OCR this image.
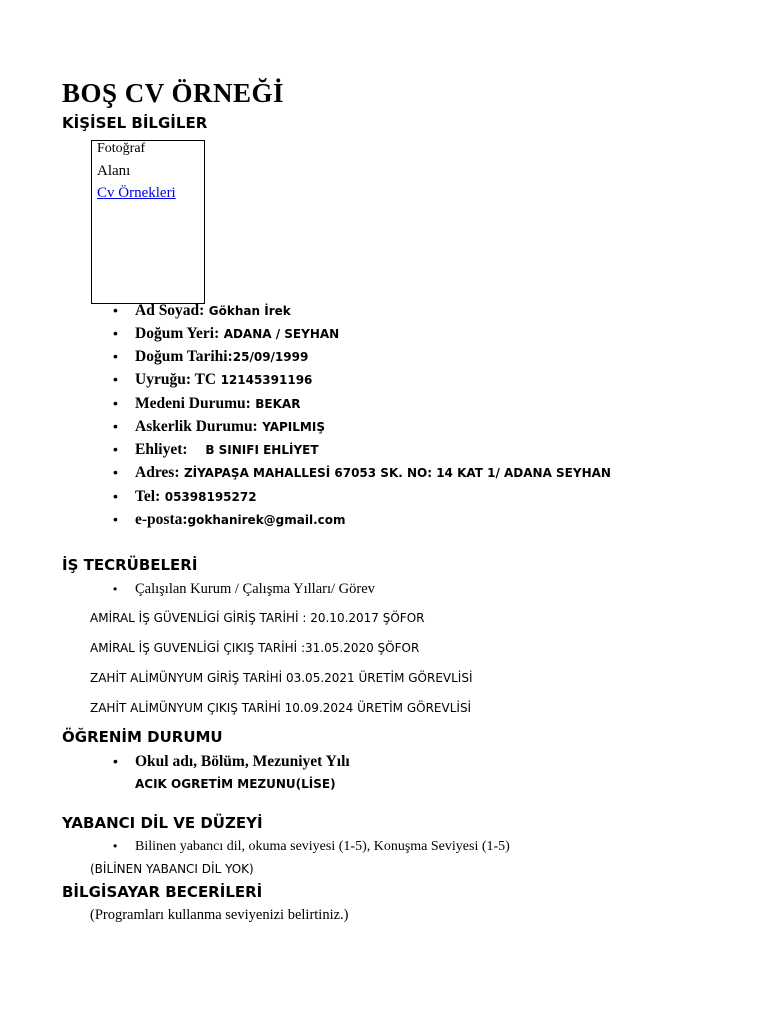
BOŞ CV ÖRNEĞİ
KİŞİSEL BİLGİLER
Fotoğraf
Alanı
Cv Örnekleri
• Ad Soyad: Gökhan İrek
• Doğum Yeri: ADANA / SEYHAN
• Doğum Tarihi:25/09/1999
• Uyruğu: TC 12145391196
• Medeni Durumu: BEKAR
• Askerlik Durumu: YAPILMIŞ
• Ehliyet: B SINIFI EHLİYET
• Adres: ZİYAPAŞA MAHALLESİ 67053 SK. NO: 14 KAT 1/ ADANA SEYHAN
• Tel: 05398195272
• e-posta:gokhanirek@gmail.com
İŞ TECRÜBELERİ
• Çalışılan Kurum / Çalışma Yılları/ Görev
AMİRAL İŞ GÜVENLİGİ GİRİŞ TARİHİ : 20.10.2017 ŞÖFOR
AMİRAL İŞ GUVENLİGİ ÇIKIŞ TARİHİ :31.05.2020 ŞÖFOR
ZAHİT ALİMÜNYUM GİRİŞ TARİHİ 03.05.2021 ÜRETİM GÖREVLİSİ
ZAHİT ALİMÜNYUM ÇIKIŞ TARİHİ 10.09.2024 ÜRETİM GÖREVLİSİ
ÖĞRENİM DURUMU
• Okul adı, Bölüm, Mezuniyet Yılı
ACIK OGRETİM MEZUNU(LİSE)
YABANCI DİL VE DÜZEYİ
• Bilinen yabancı dil, okuma seviyesi (1-5), Konuşma Seviyesi (1-5)
(BİLİNEN YABANCI DİL YOK)
BİLGİSAYAR BECERİLERİ
(Programları kullanma seviyenizi belirtiniz.)
